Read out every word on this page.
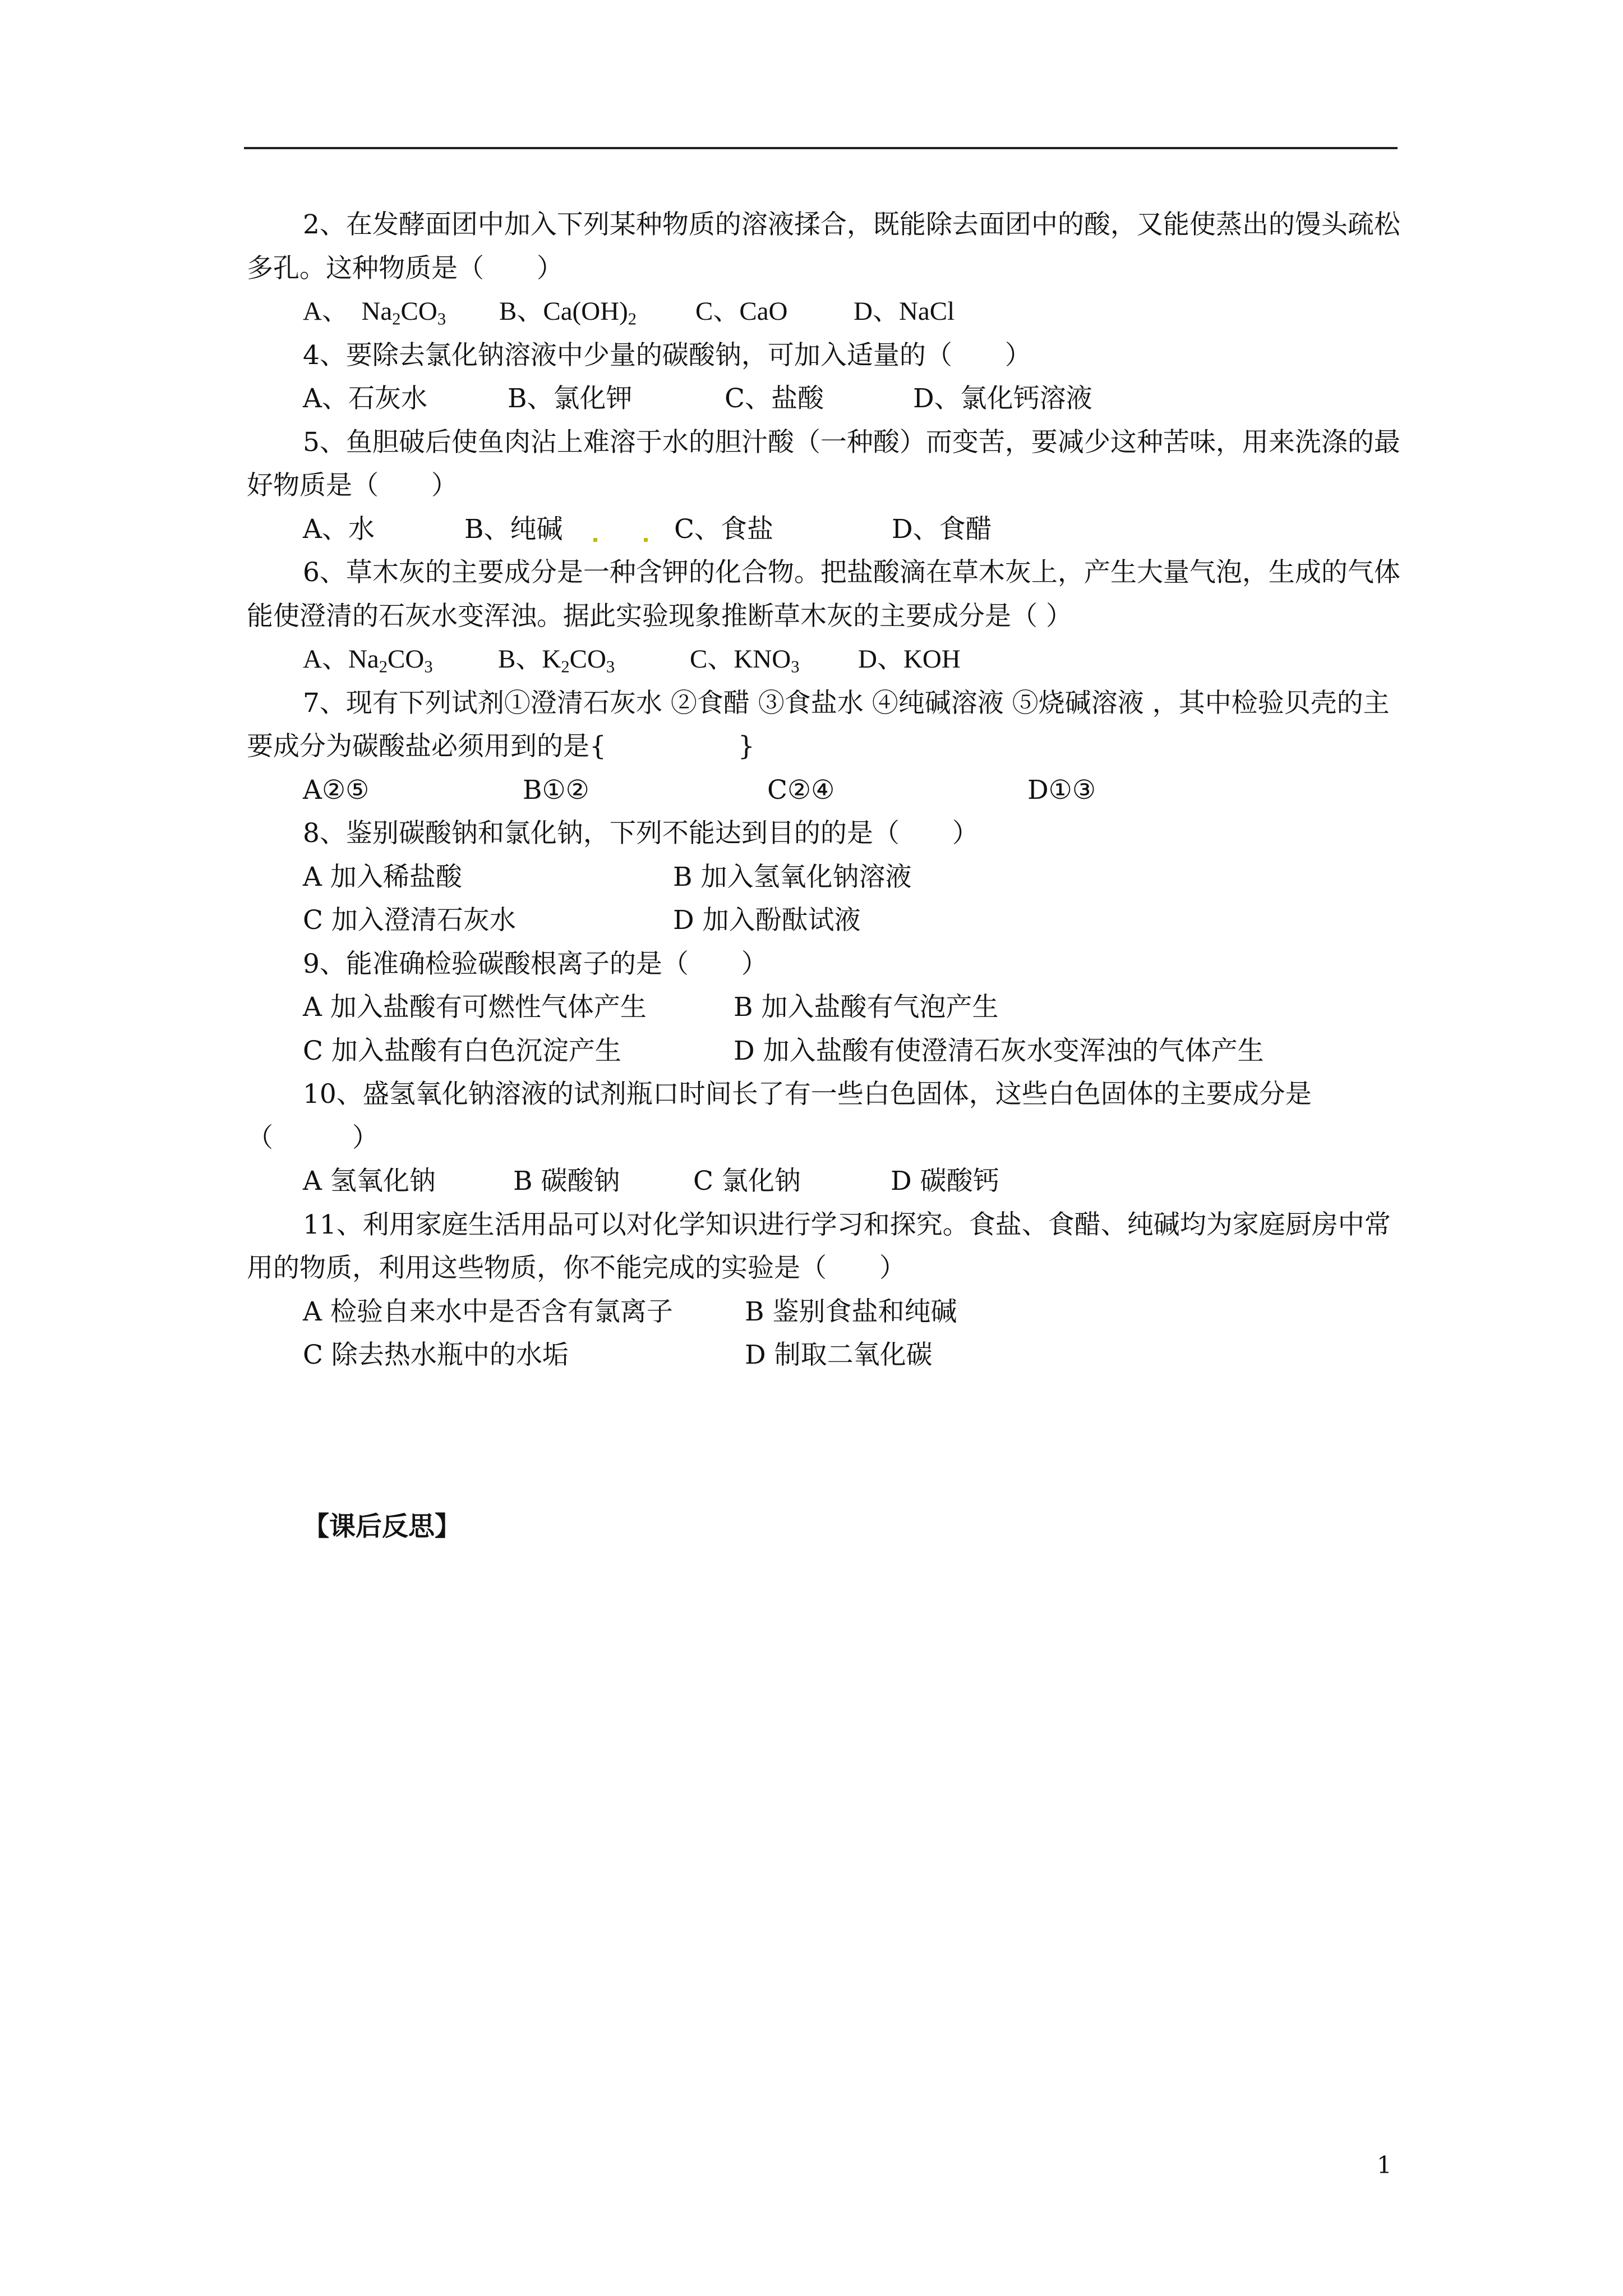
2、在发酵面团中加入下列某种物质的溶液揉合，既能除去面团中的酸，又能使蒸出的馒头疏松多孔。这种物质是（　　）

A、 $Na_2CO_3$ B、$Ca(OH)_2$ C、CaO	D、NaCl

4、要除去氯化钠溶液中少量的碳酸钠，可加入适量的（　　）

A、石灰水	B、氯化钾	C、盐酸	D、氯化钙溶液

5、鱼胆破后使鱼肉沾上难溶于水的胆汁酸（一种酸）而变苦，要减少这种苦味，用来洗涤的最好物质是（　　）

A、水	B、纯碱	C、食盐	D、食醋

6、草木灰的主要成分是一种含钾的化合物。把盐酸滴在草木灰上，产生大量气泡，生成的气体能使澄清的石灰水变浑浊。据此实验现象推断草木灰的主要成分是（ ）

A、$Na_2CO_3$ B、$K_2CO_3$	C、$KNO_3$ D、KOH

7、现有下列试剂①澄清石灰水 ②食醋 ③食盐水 ④纯碱溶液 ⑤烧碱溶液 ，其中检验贝壳的主要成分为碳酸盐必须用到的是{　　　　　}

A②⑤	B①②	C②④	D①③

8、鉴别碳酸钠和氯化钠，下列不能达到目的的是（　　）

A 加入稀盐酸	B 加入氢氧化钠溶液
C 加入澄清石灰水	D 加入酚酞试液

9、能准确检验碳酸根离子的是（　　）

A 加入盐酸有可燃性气体产生	B 加入盐酸有气泡产生
C 加入盐酸有白色沉淀产生	D 加入盐酸有使澄清石灰水变浑浊的气体产生

10、盛氢氧化钠溶液的试剂瓶口时间长了有一些白色固体，这些白色固体的主要成分是（　　　）

A 氢氧化钠	B 碳酸钠	C 氯化钠	D 碳酸钙

11、利用家庭生活用品可以对化学知识进行学习和探究。食盐、食醋、纯碱均为家庭厨房中常用的物质，利用这些物质，你不能完成的实验是（　　）

A 检验自来水中是否含有氯离子	B 鉴别食盐和纯碱
C 除去热水瓶中的水垢	D 制取二氧化碳
【课后反思】
1
